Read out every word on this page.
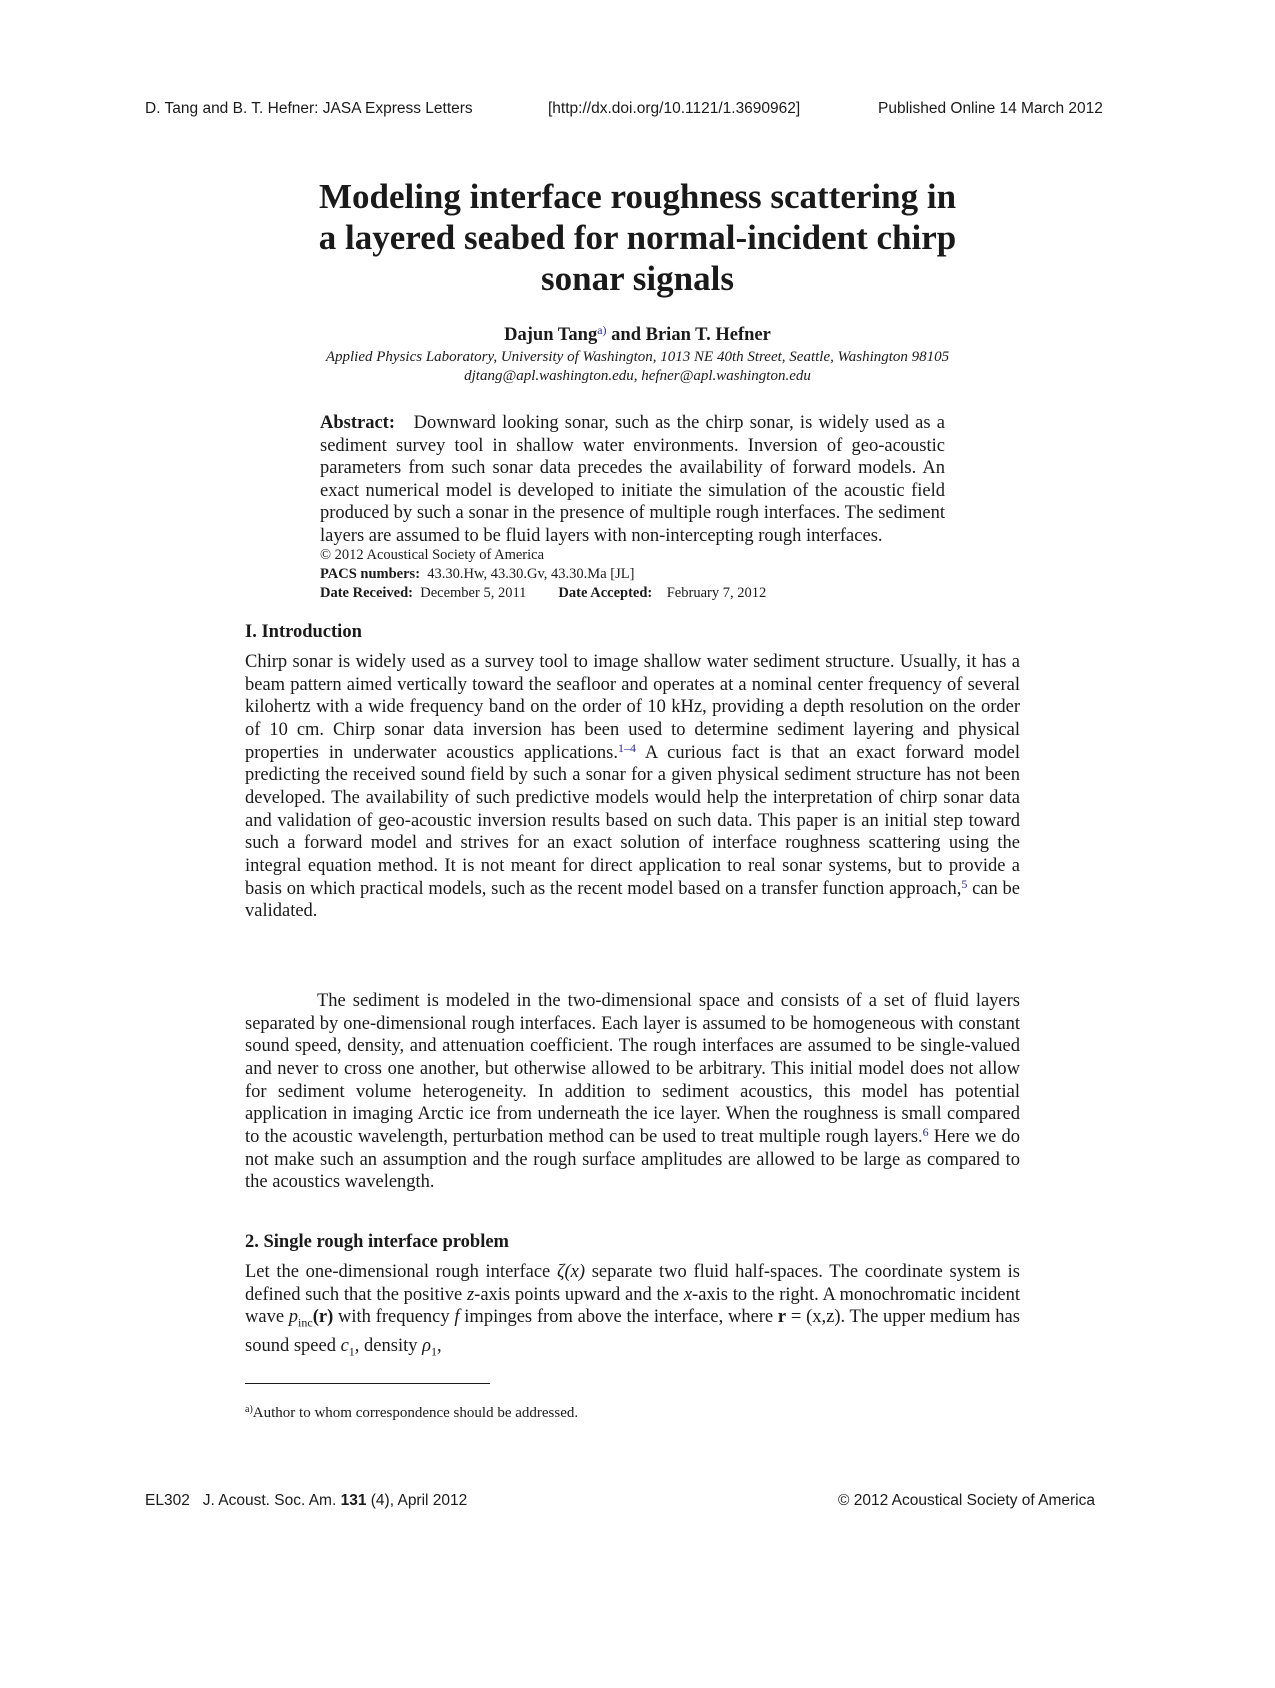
D. Tang and B. T. Hefner: JASA Express Letters	[http://dx.doi.org/10.1121/1.3690962]	Published Online 14 March 2012
Modeling interface roughness scattering in
a layered seabed for normal-incident chirp
sonar signals
Dajun Tang$^{a)}$ and Brian T. Hefner
Applied Physics Laboratory, University of Washington, 1013 NE 40th Street, Seattle, Washington 98105
djtang@apl.washington.edu, hefner@apl.washington.edu
Abstract: Downward looking sonar, such as the chirp sonar, is widely used as a sediment survey tool in shallow water environments. Inversion of geo-acoustic parameters from such sonar data precedes the availability of forward models. An exact numerical model is developed to initiate the simulation of the acoustic field produced by such a sonar in the presence of multiple rough interfaces. The sediment layers are assumed to be fluid layers with non-intercepting rough interfaces.
© 2012 Acoustical Society of America
PACS numbers: 43.30.Hw, 43.30.Gv, 43.30.Ma [JL]
Date Received: December 5, 2011 Date Accepted: February 7, 2012
I. Introduction
Chirp sonar is widely used as a survey tool to image shallow water sediment structure. Usually, it has a beam pattern aimed vertically toward the seafloor and operates at a nominal center frequency of several kilohertz with a wide frequency band on the order of 10 kHz, providing a depth resolution on the order of 10 cm. Chirp sonar data inversion has been used to determine sediment layering and physical properties in underwater acoustics applications.$^{1-4}$ A curious fact is that an exact forward model predicting the received sound field by such a sonar for a given physical sediment structure has not been developed. The availability of such predictive models would help the interpretation of chirp sonar data and validation of geo-acoustic inversion results based on such data. This paper is an initial step toward such a forward model and strives for an exact solution of interface roughness scattering using the integral equation method. It is not meant for direct application to real sonar systems, but to provide a basis on which practical models, such as the recent model based on a transfer function approach,$^5$ can be validated.
The sediment is modeled in the two-dimensional space and consists of a set of fluid layers separated by one-dimensional rough interfaces. Each layer is assumed to be homogeneous with constant sound speed, density, and attenuation coefficient. The rough interfaces are assumed to be single-valued and never to cross one another, but otherwise allowed to be arbitrary. This initial model does not allow for sediment volume heterogeneity. In addition to sediment acoustics, this model has potential application in imaging Arctic ice from underneath the ice layer. When the roughness is small compared to the acoustic wavelength, perturbation method can be used to treat multiple rough layers.$^6$ Here we do not make such an assumption and the rough surface amplitudes are allowed to be large as compared to the acoustics wavelength.
2. Single rough interface problem
Let the one-dimensional rough interface ζ(x) separate two fluid half-spaces. The coordinate system is defined such that the positive z-axis points upward and the x-axis to the right. A monochromatic incident wave $p_{inc}(r)$ with frequency f impinges from above the interface, where r = (x,z). The upper medium has sound speed $c_1$, density $\rho_1$,
$^{a)}$Author to whom correspondence should be addressed.
EL302 J. Acoust. Soc. Am. 131 (4), April 2012	© 2012 Acoustical Society of America
